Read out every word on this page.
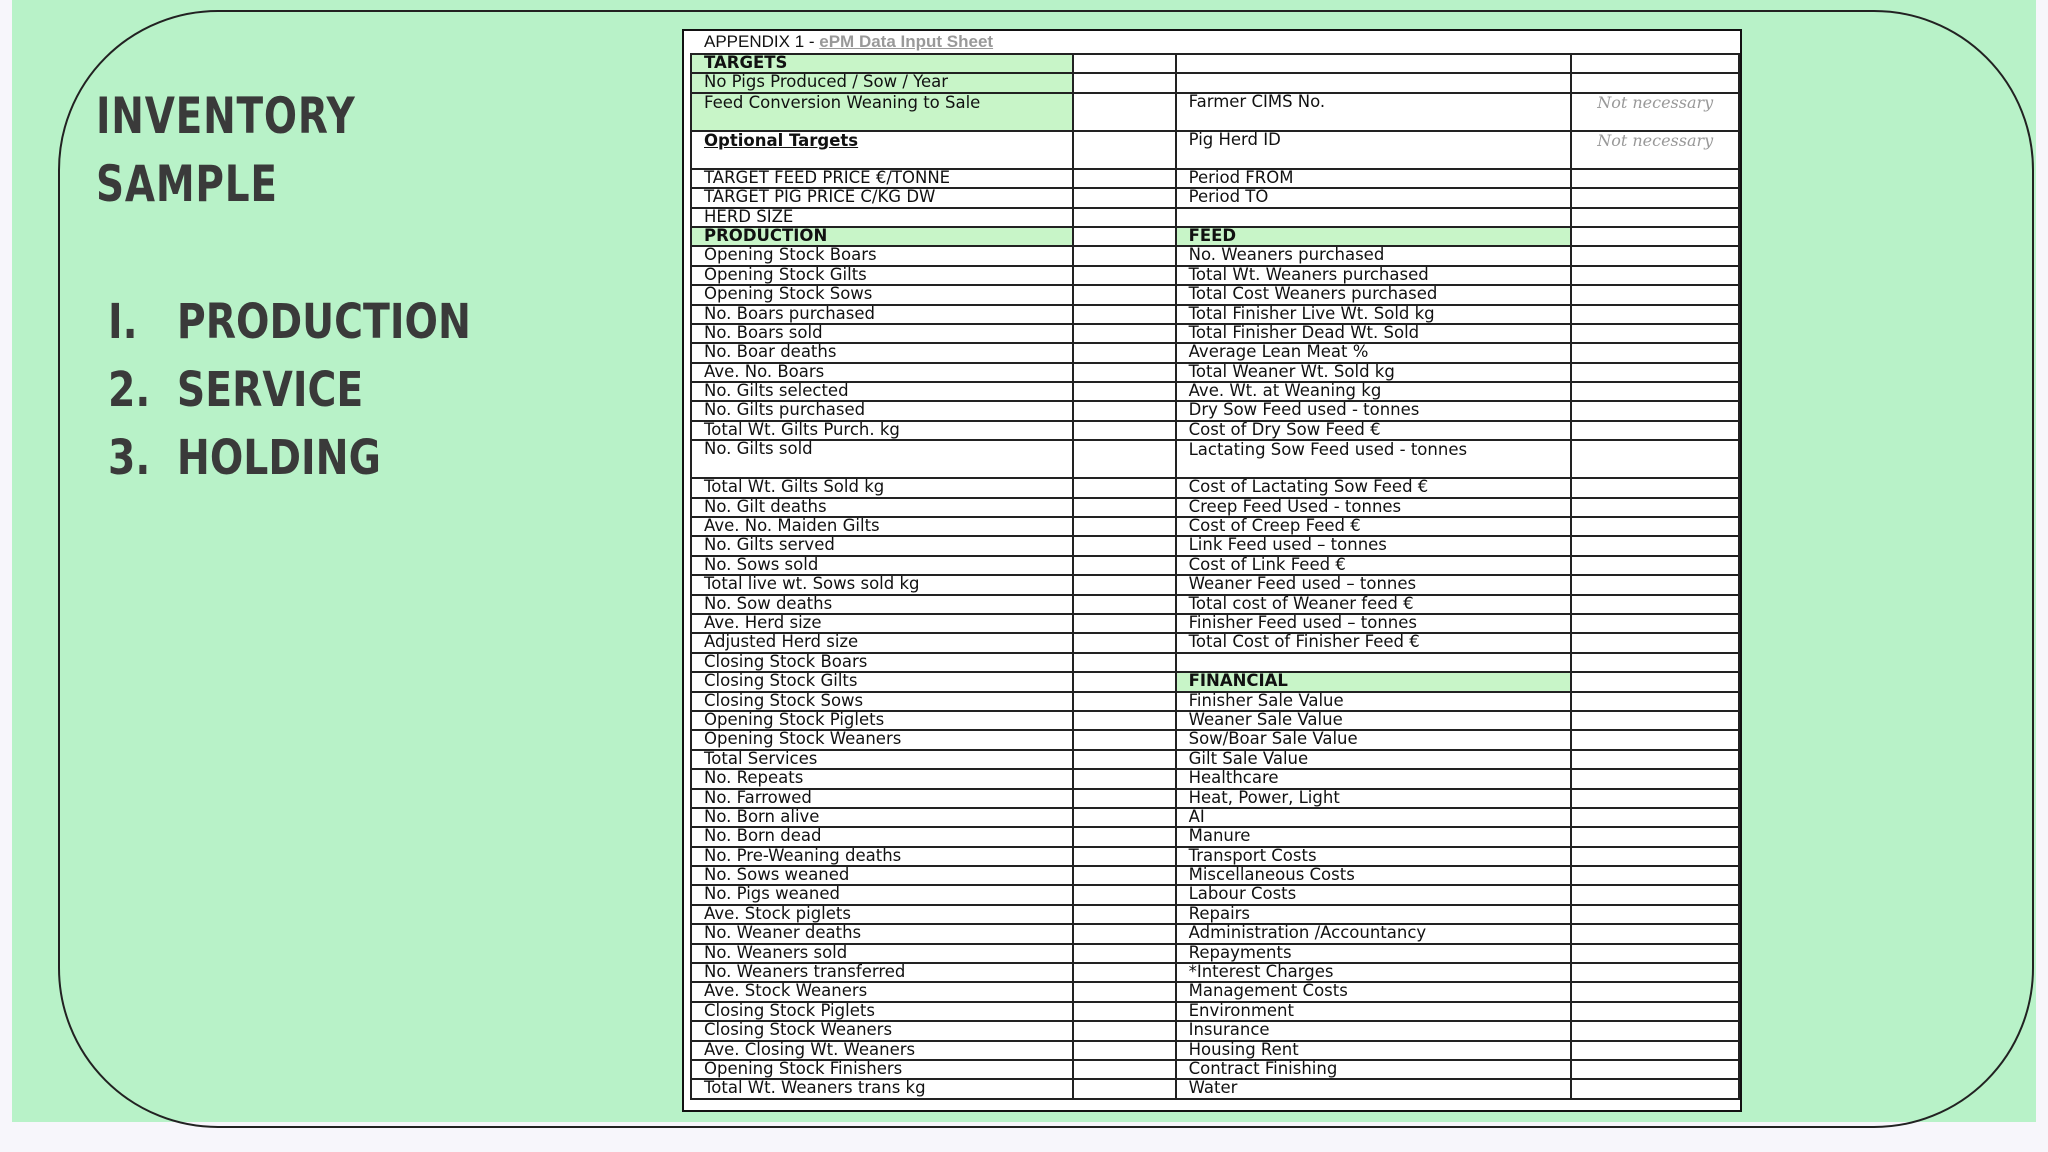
INVENTORY
SAMPLE
I. PRODUCTION
2. SERVICE
3. HOLDING
APPENDIX 1 - ePM Data Input Sheet
TARGETS			
No Pigs Produced / Sow / Year			
Feed Conversion Weaning to Sale		Farmer CIMS No.	Not necessary
Optional Targets		Pig Herd ID	Not necessary
TARGET FEED PRICE €/TONNE		Period FROM	
TARGET PIG PRICE C/KG DW		Period TO	
HERD SIZE			
PRODUCTION		FEED	
Opening Stock Boars		No. Weaners purchased	
Opening Stock Gilts		Total Wt. Weaners purchased	
Opening Stock Sows		Total Cost Weaners purchased	
No. Boars purchased		Total Finisher Live Wt. Sold kg	
No. Boars sold		Total Finisher Dead Wt. Sold	
No. Boar deaths		Average Lean Meat %	
Ave. No. Boars		Total Weaner Wt. Sold kg	
No. Gilts selected		Ave. Wt. at Weaning kg	
No. Gilts purchased		Dry Sow Feed used - tonnes	
Total Wt. Gilts Purch. kg		Cost of Dry Sow Feed €	
No. Gilts sold		Lactating Sow Feed used - tonnes	
Total Wt. Gilts Sold kg		Cost of Lactating Sow Feed €	
No. Gilt deaths		Creep Feed Used - tonnes	
Ave. No. Maiden Gilts		Cost of Creep Feed €	
No. Gilts served		Link Feed used – tonnes	
No. Sows sold		Cost of Link Feed €	
Total live wt. Sows sold kg		Weaner Feed used – tonnes	
No. Sow deaths		Total cost of Weaner feed €	
Ave. Herd size		Finisher Feed used – tonnes	
Adjusted Herd size		Total Cost of Finisher Feed €	
Closing Stock Boars			
Closing Stock Gilts		FINANCIAL	
Closing Stock Sows		Finisher Sale Value	
Opening Stock Piglets		Weaner Sale Value	
Opening Stock Weaners		Sow/Boar Sale Value	
Total Services		Gilt Sale Value	
No. Repeats		Healthcare	
No. Farrowed		Heat, Power, Light	
No. Born alive		AI	
No. Born dead		Manure	
No. Pre-Weaning deaths		Transport Costs	
No. Sows weaned		Miscellaneous Costs	
No. Pigs weaned		Labour Costs	
Ave. Stock piglets		Repairs	
No. Weaner deaths		Administration /Accountancy	
No. Weaners sold		Repayments	
No. Weaners transferred		*Interest Charges	
Ave. Stock Weaners		Management Costs	
Closing Stock Piglets		Environment	
Closing Stock Weaners		Insurance	
Ave. Closing Wt. Weaners		Housing Rent	
Opening Stock Finishers		Contract Finishing	
Total Wt. Weaners trans kg		Water	
